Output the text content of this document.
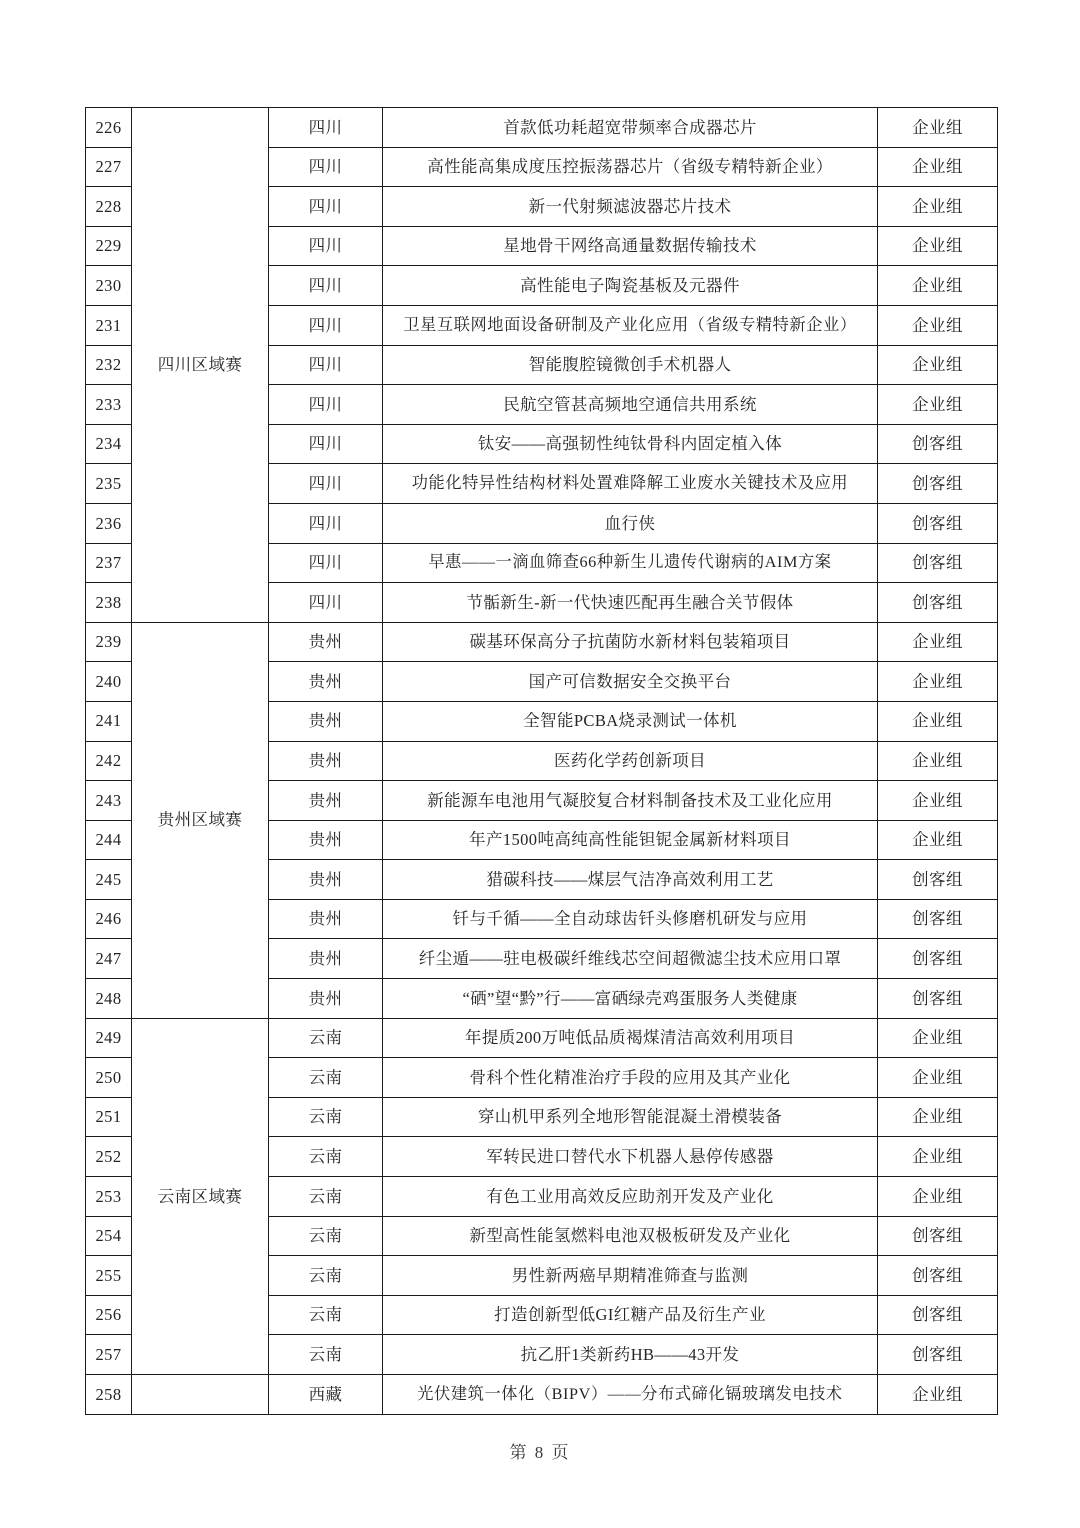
226	四川区域赛	四川	首款低功耗超宽带频率合成器芯片	企业组
227		四川	高性能高集成度压控振荡器芯片（省级专精特新企业）	企业组
228		四川	新一代射频滤波器芯片技术	企业组
229		四川	星地骨干网络高通量数据传输技术	企业组
230		四川	高性能电子陶瓷基板及元器件	企业组
231		四川	卫星互联网地面设备研制及产业化应用（省级专精特新企业）	企业组
232		四川	智能腹腔镜微创手术机器人	企业组
233		四川	民航空管甚高频地空通信共用系统	企业组
234		四川	钛安——高强韧性纯钛骨科内固定植入体	创客组
235		四川	功能化特异性结构材料处置难降解工业废水关键技术及应用	创客组
236		四川	血行侠	创客组
237		四川	早惠——一滴血筛查66种新生儿遗传代谢病的AIM方案	创客组
238		四川	节骺新生-新一代快速匹配再生融合关节假体	创客组
239	贵州区域赛	贵州	碳基环保高分子抗菌防水新材料包装箱项目	企业组
240		贵州	国产可信数据安全交换平台	企业组
241		贵州	全智能PCBA烧录测试一体机	企业组
242		贵州	医药化学药创新项目	企业组
243		贵州	新能源车电池用气凝胶复合材料制备技术及工业化应用	企业组
244		贵州	年产1500吨高纯高性能钽铌金属新材料项目	企业组
245		贵州	猎碳科技——煤层气洁净高效利用工艺	创客组
246		贵州	钎与千循——全自动球齿钎头修磨机研发与应用	创客组
247		贵州	纤尘遁——驻电极碳纤维线芯空间超微滤尘技术应用口罩	创客组
248		贵州	“硒”望“黔”行——富硒绿壳鸡蛋服务人类健康	创客组
249	云南区域赛	云南	年提质200万吨低品质褐煤清洁高效利用项目	企业组
250		云南	骨科个性化精准治疗手段的应用及其产业化	企业组
251		云南	穿山机甲系列全地形智能混凝土滑模装备	企业组
252		云南	军转民进口替代水下机器人悬停传感器	企业组
253		云南	有色工业用高效反应助剂开发及产业化	企业组
254		云南	新型高性能氢燃料电池双极板研发及产业化	创客组
255		云南	男性新两癌早期精准筛查与监测	创客组
256		云南	打造创新型低GI红糖产品及衍生产业	创客组
257		云南	抗乙肝1类新药HB——43开发	创客组
258		西藏	光伏建筑一体化（BIPV）——分布式碲化镉玻璃发电技术	企业组
第 8 页
